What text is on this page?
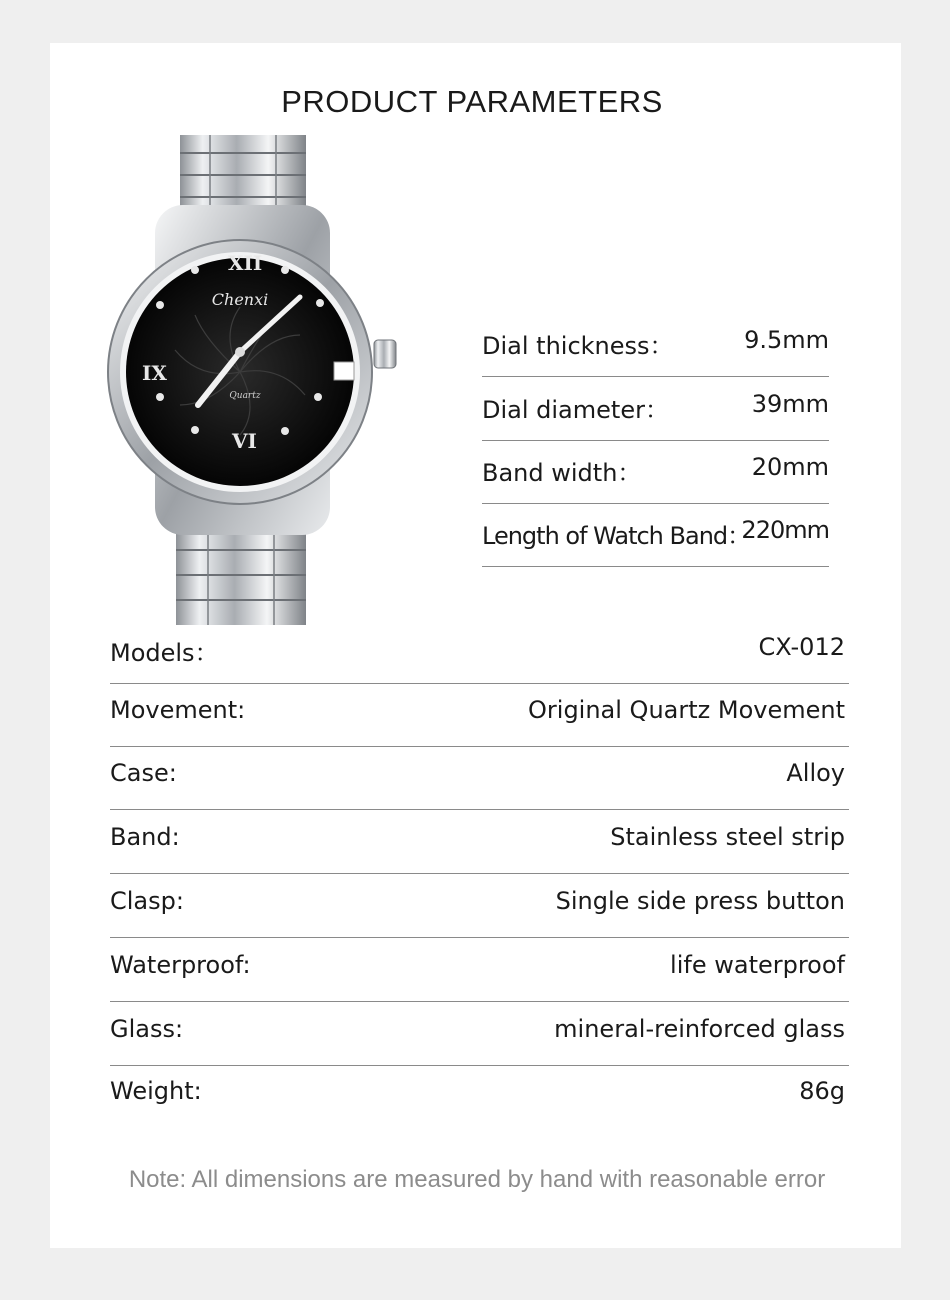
PRODUCT PARAMETERS
XII
IX
VI
Chenxi
Quartz
Dial thickness：	9.5mm
Dial diameter：	39mm
Band width：	20mm
Length of Watch Band：
220mm
Models：	CX-012
Movement:	Original Quartz Movement
Case:	Alloy
Band:	Stainless steel strip
Clasp:	Single side press button
Waterproof:	life waterproof
Glass:	mineral-reinforced glass
Weight:	86g
Note: All dimensions are measured by hand with reasonable error
